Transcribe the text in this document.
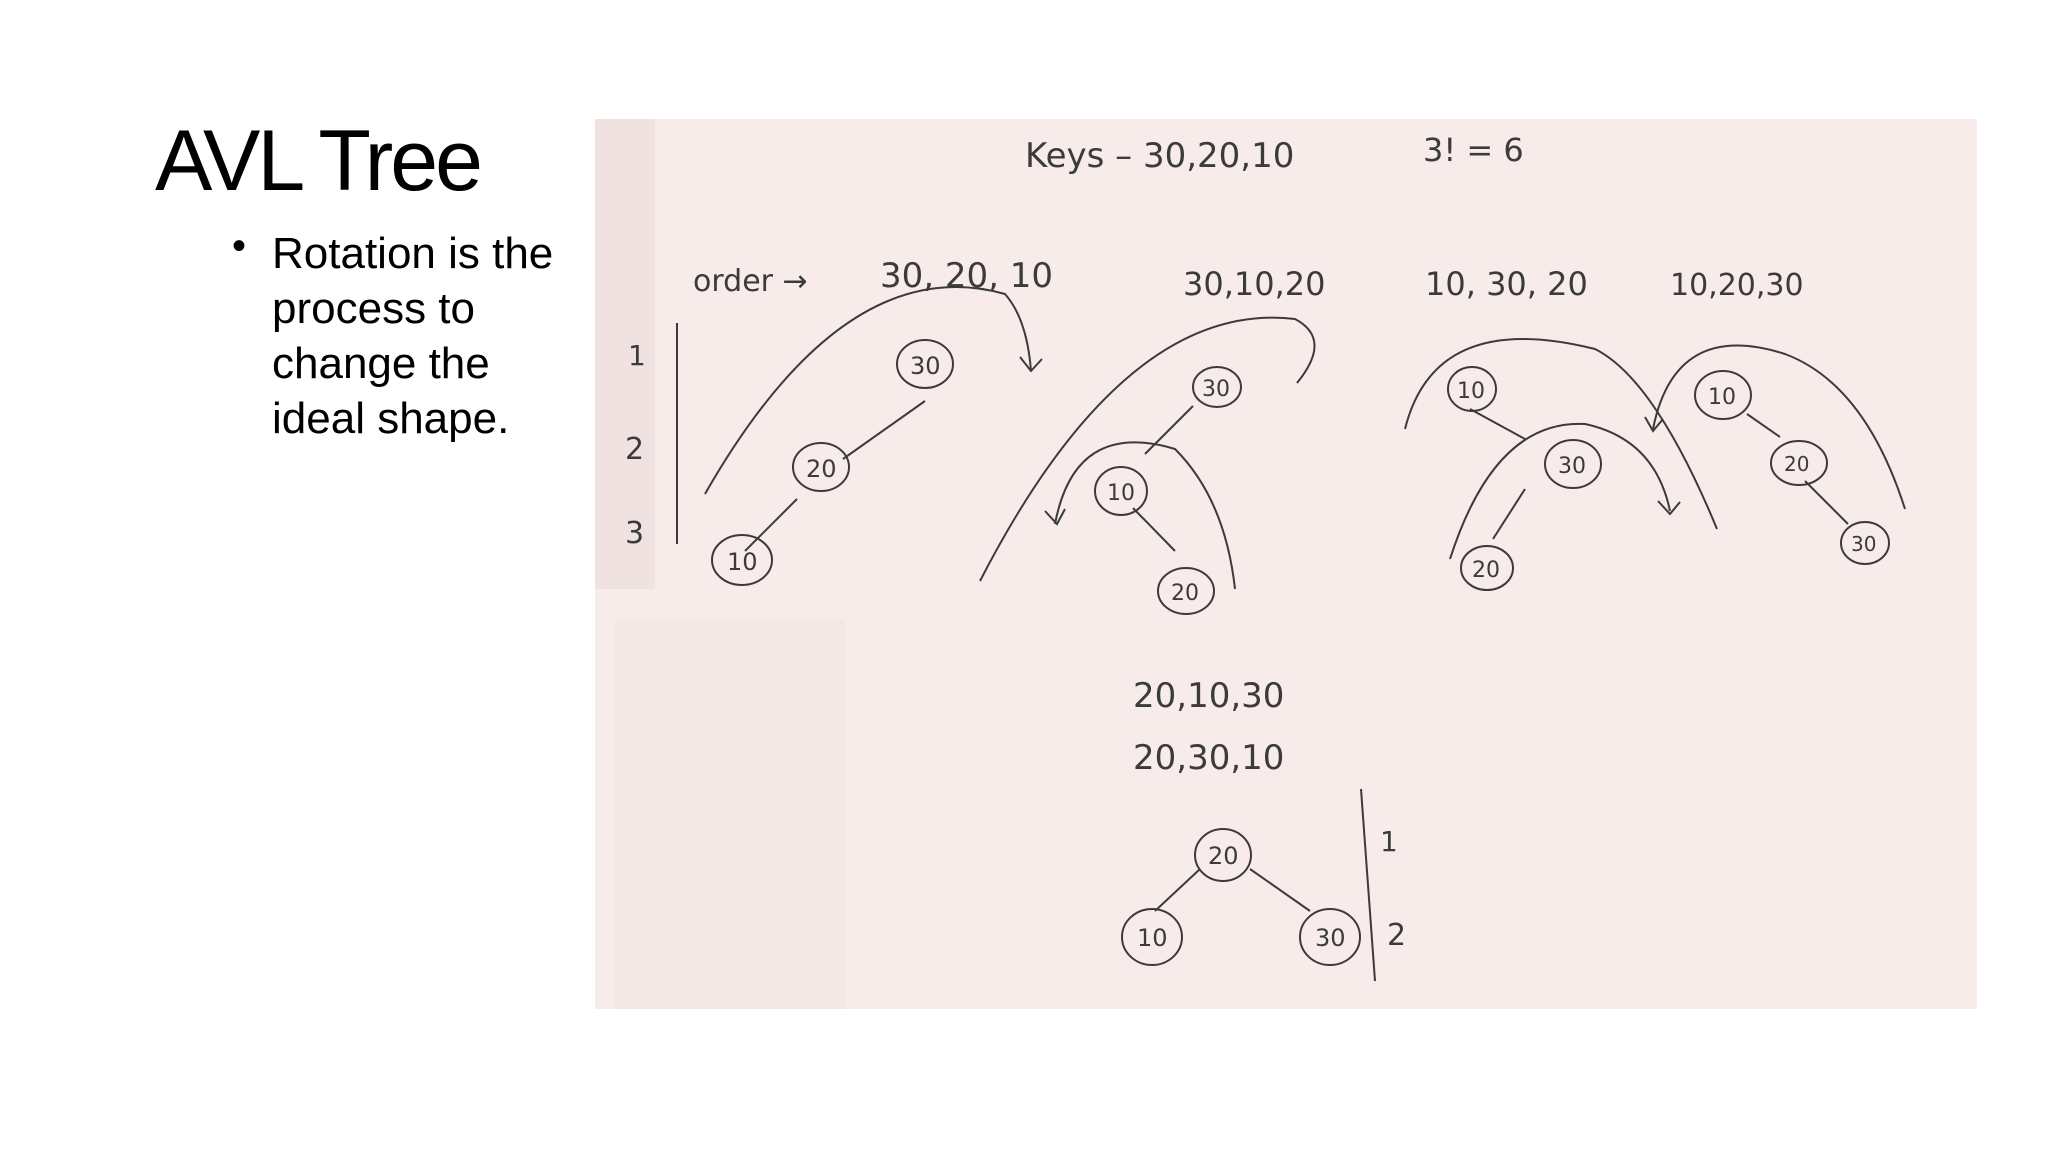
AVL Tree
• Rotation is the process to change the ideal shape.
Keys – 30,20,10	3! = 6
order → 30, 20, 10	30,10,20	10, 30, 20	10,20,30
1
2
3
30
20
10
30
10
20
10
30
20
10
20
30
20,10,30
20,30,10
20
10	30
1
2
